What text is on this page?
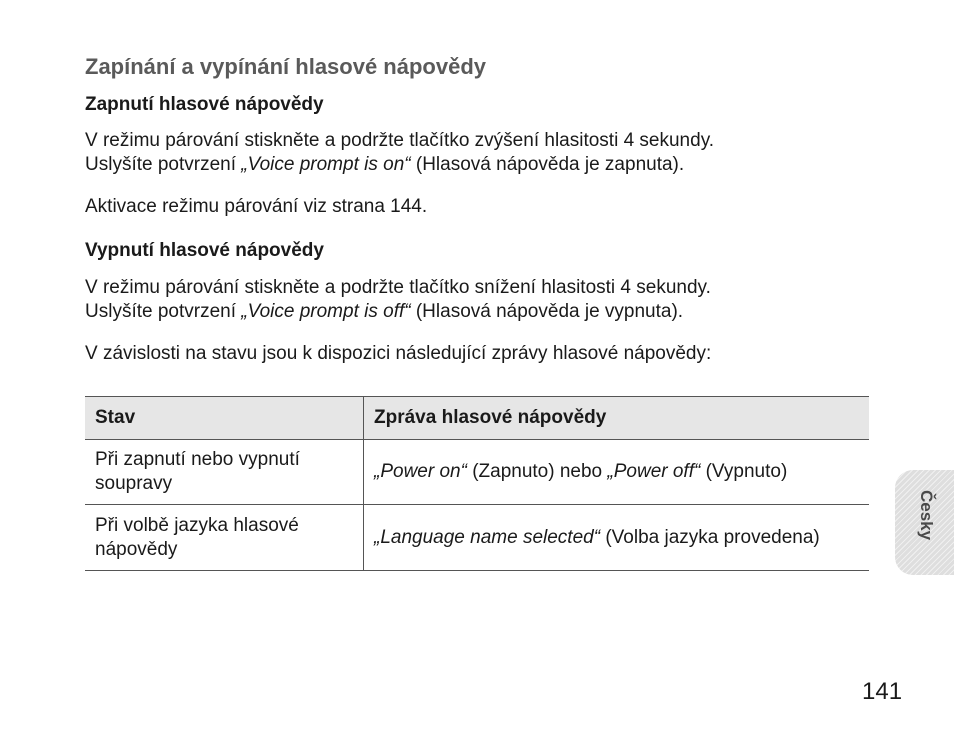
Zapínání a vypínání hlasové nápovědy
Zapnutí hlasové nápovědy
V režimu párování stiskněte a podržte tlačítko zvýšení hlasitosti 4 sekundy.
Uslyšíte potvrzení „Voice prompt is on“ (Hlasová nápověda je zapnuta).
Aktivace režimu párování viz strana 144.
Vypnutí hlasové nápovědy
V režimu párování stiskněte a podržte tlačítko snížení hlasitosti 4 sekundy.
Uslyšíte potvrzení „Voice prompt is off“ (Hlasová nápověda je vypnuta).
V závislosti na stavu jsou k dispozici následující zprávy hlasové nápovědy:
Stav	Zpráva hlasové nápovědy
Při zapnutí nebo vypnutí soupravy	„Power on“ (Zapnuto) nebo „Power off“ (Vypnuto)
Při volbě jazyka hlasové nápovědy	„Language name selected“ (Volba jazyka provedena)	Česky
141
